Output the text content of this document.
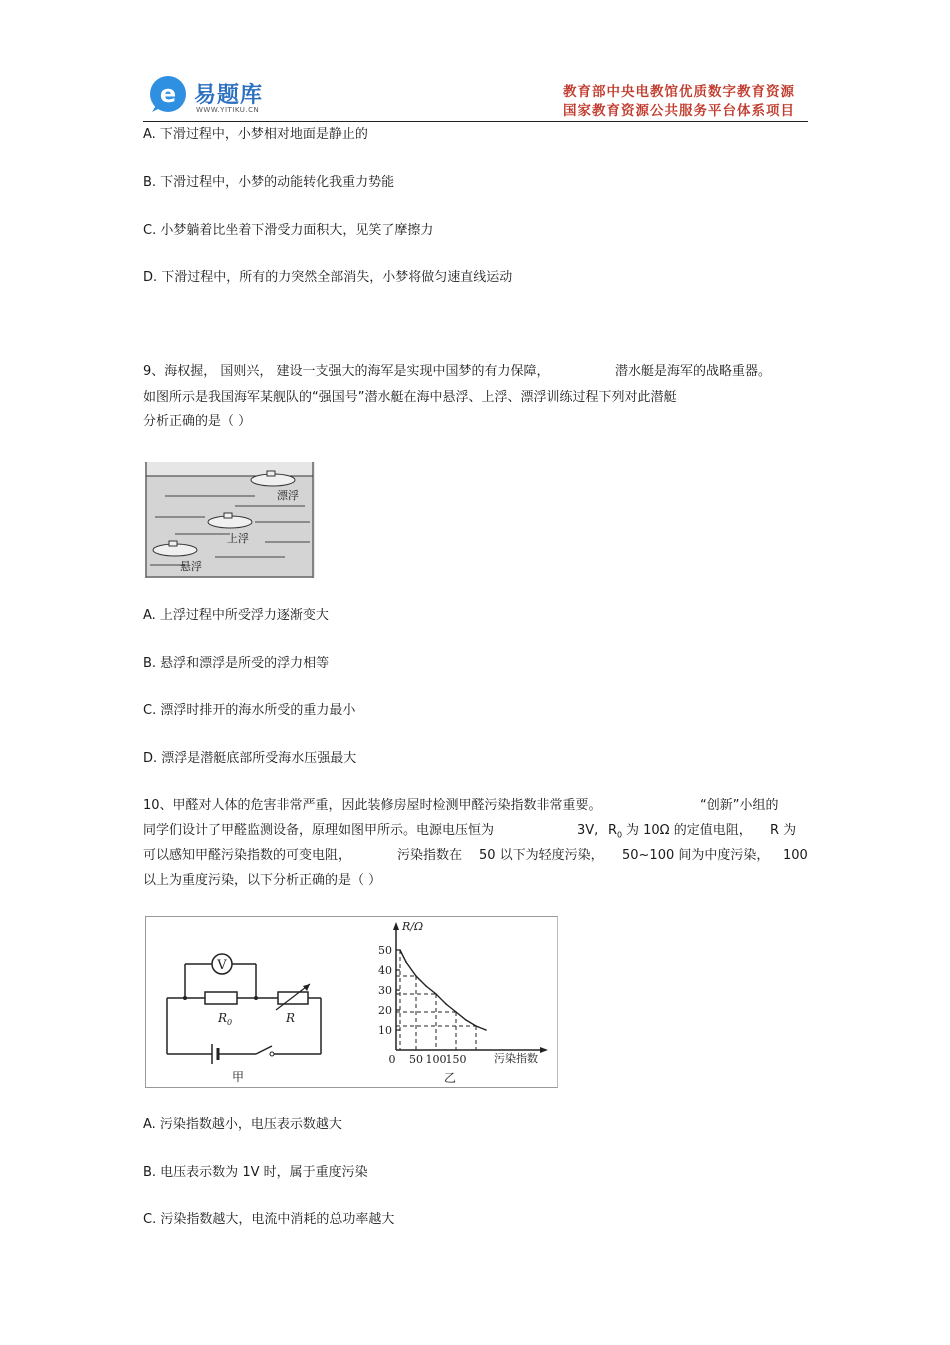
e 易题库
WWW.YITIKU.CN
教育部中央电教馆优质数字教育资源
国家教育资源公共服务平台体系项目
A. 下滑过程中，小梦相对地面是静止的
B. 下滑过程中，小梦的动能转化我重力势能
C. 小梦躺着比坐着下滑受力面积大，见笑了摩擦力
D. 下滑过程中，所有的力突然全部消失，小梦将做匀速直线运动
9、海权握， 国则兴， 建设一支强大的海军是实现中国梦的有力保障，	潜水艇是海军的战略重器。
如图所示是我国海军某舰队的“强国号”潜水艇在海中悬浮、上浮、漂浮训练过程下列对此潜艇
分析正确的是（ ）
漂浮
上浮
悬浮
A. 上浮过程中所受浮力逐渐变大
B. 悬浮和漂浮是所受的浮力相等
C. 漂浮时排开的海水所受的重力最小
D. 漂浮是潜艇底部所受海水压强最大
10、甲醛对人体的危害非常严重，因此装修房屋时检测甲醛污染指数非常重要。	“创新”小组的
同学们设计了甲醛监测设备，原理如图甲所示。电源电压恒为	3V, $R_0$ 为 10Ω 的定值电阻， R 为
可以感知甲醛污染指数的可变电阻，	污染指数在 50 以下为轻度污染， 50~100 间为中度污染， 100
以上为重度污染，以下分析正确的是（ ）
V
$R_0$	R
甲
R/Ω
污染指数
乙
50
40
30
20
10
0 50 100 150
A. 污染指数越小，电压表示数越大
B. 电压表示数为 1V 时，属于重度污染
C. 污染指数越大，电流中消耗的总功率越大
